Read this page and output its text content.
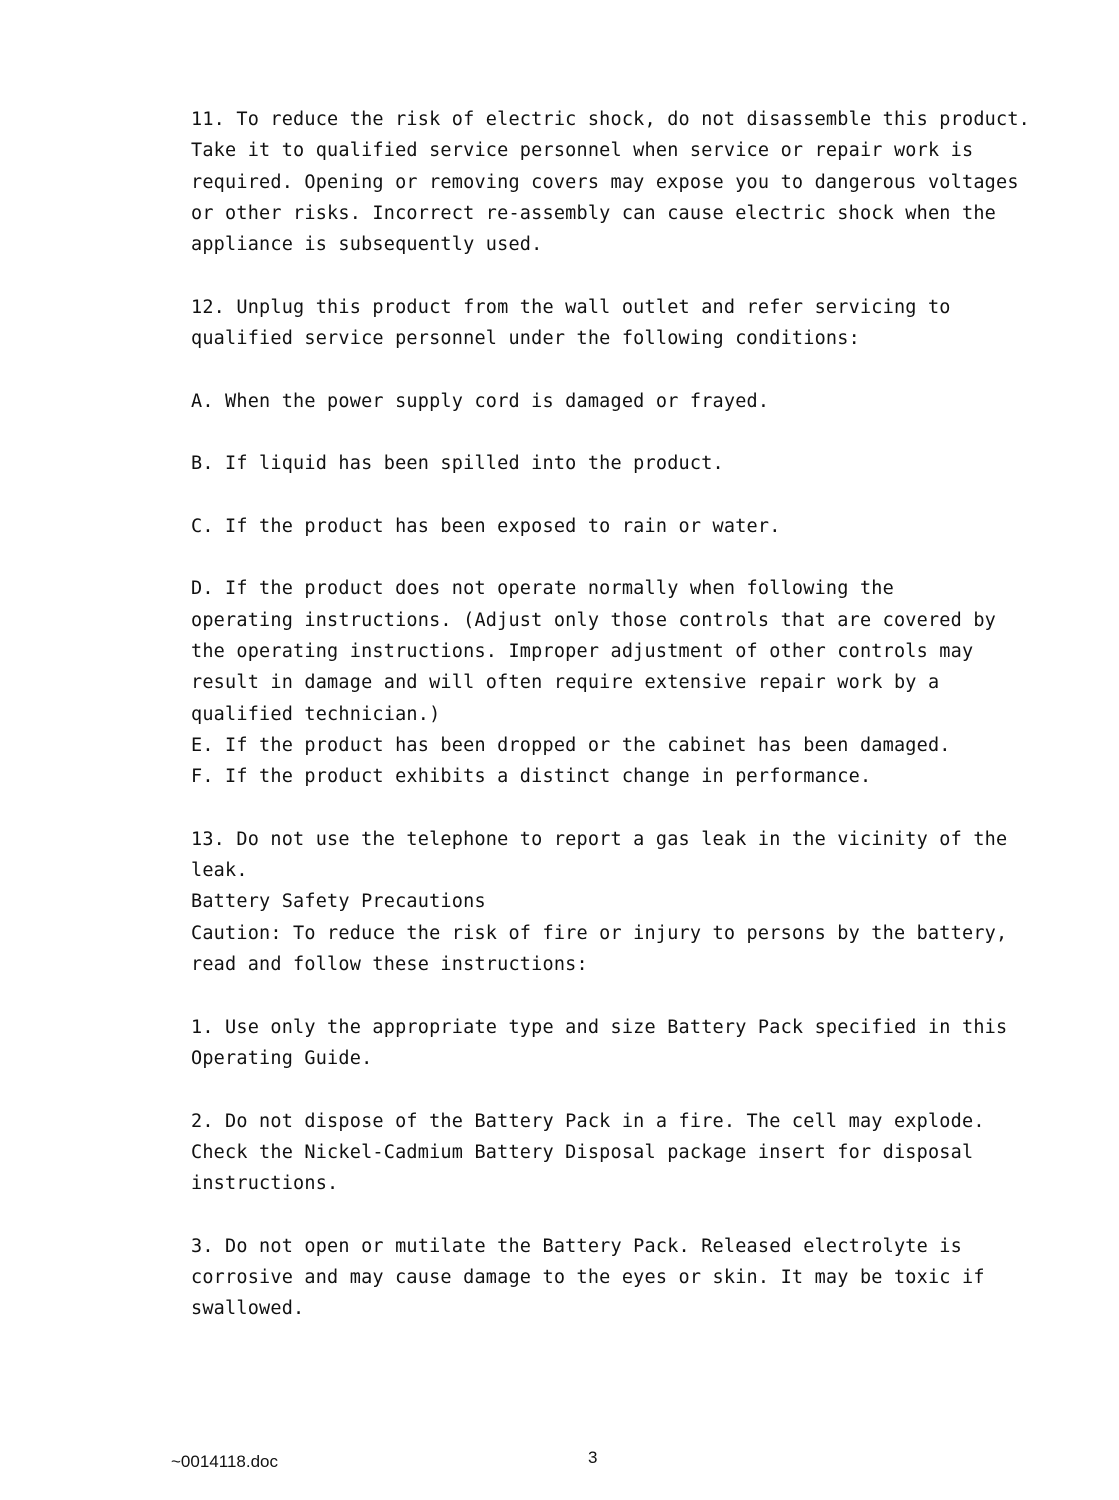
11. To reduce the risk of electric shock, do not disassemble this product.
Take it to qualified service personnel when service or repair work is
required. Opening or removing covers may expose you to dangerous voltages
or other risks. Incorrect re-assembly can cause electric shock when the
appliance is subsequently used.
12. Unplug this product from the wall outlet and refer servicing to
qualified service personnel under the following conditions:
A. When the power supply cord is damaged or frayed.
B. If liquid has been spilled into the product.
C. If the product has been exposed to rain or water.
D. If the product does not operate normally when following the
operating instructions. (Adjust only those controls that are covered by
the operating instructions. Improper adjustment of other controls may
result in damage and will often require extensive repair work by a
qualified technician.)
E. If the product has been dropped or the cabinet has been damaged.
F. If the product exhibits a distinct change in performance.
13. Do not use the telephone to report a gas leak in the vicinity of the
leak.
Battery Safety Precautions
Caution: To reduce the risk of fire or injury to persons by the battery,
read and follow these instructions:
1. Use only the appropriate type and size Battery Pack specified in this
Operating Guide.
2. Do not dispose of the Battery Pack in a fire. The cell may explode.
Check the Nickel-Cadmium Battery Disposal package insert for disposal
instructions.
3. Do not open or mutilate the Battery Pack. Released electrolyte is
corrosive and may cause damage to the eyes or skin. It may be toxic if
swallowed.
~0014118.doc	3
